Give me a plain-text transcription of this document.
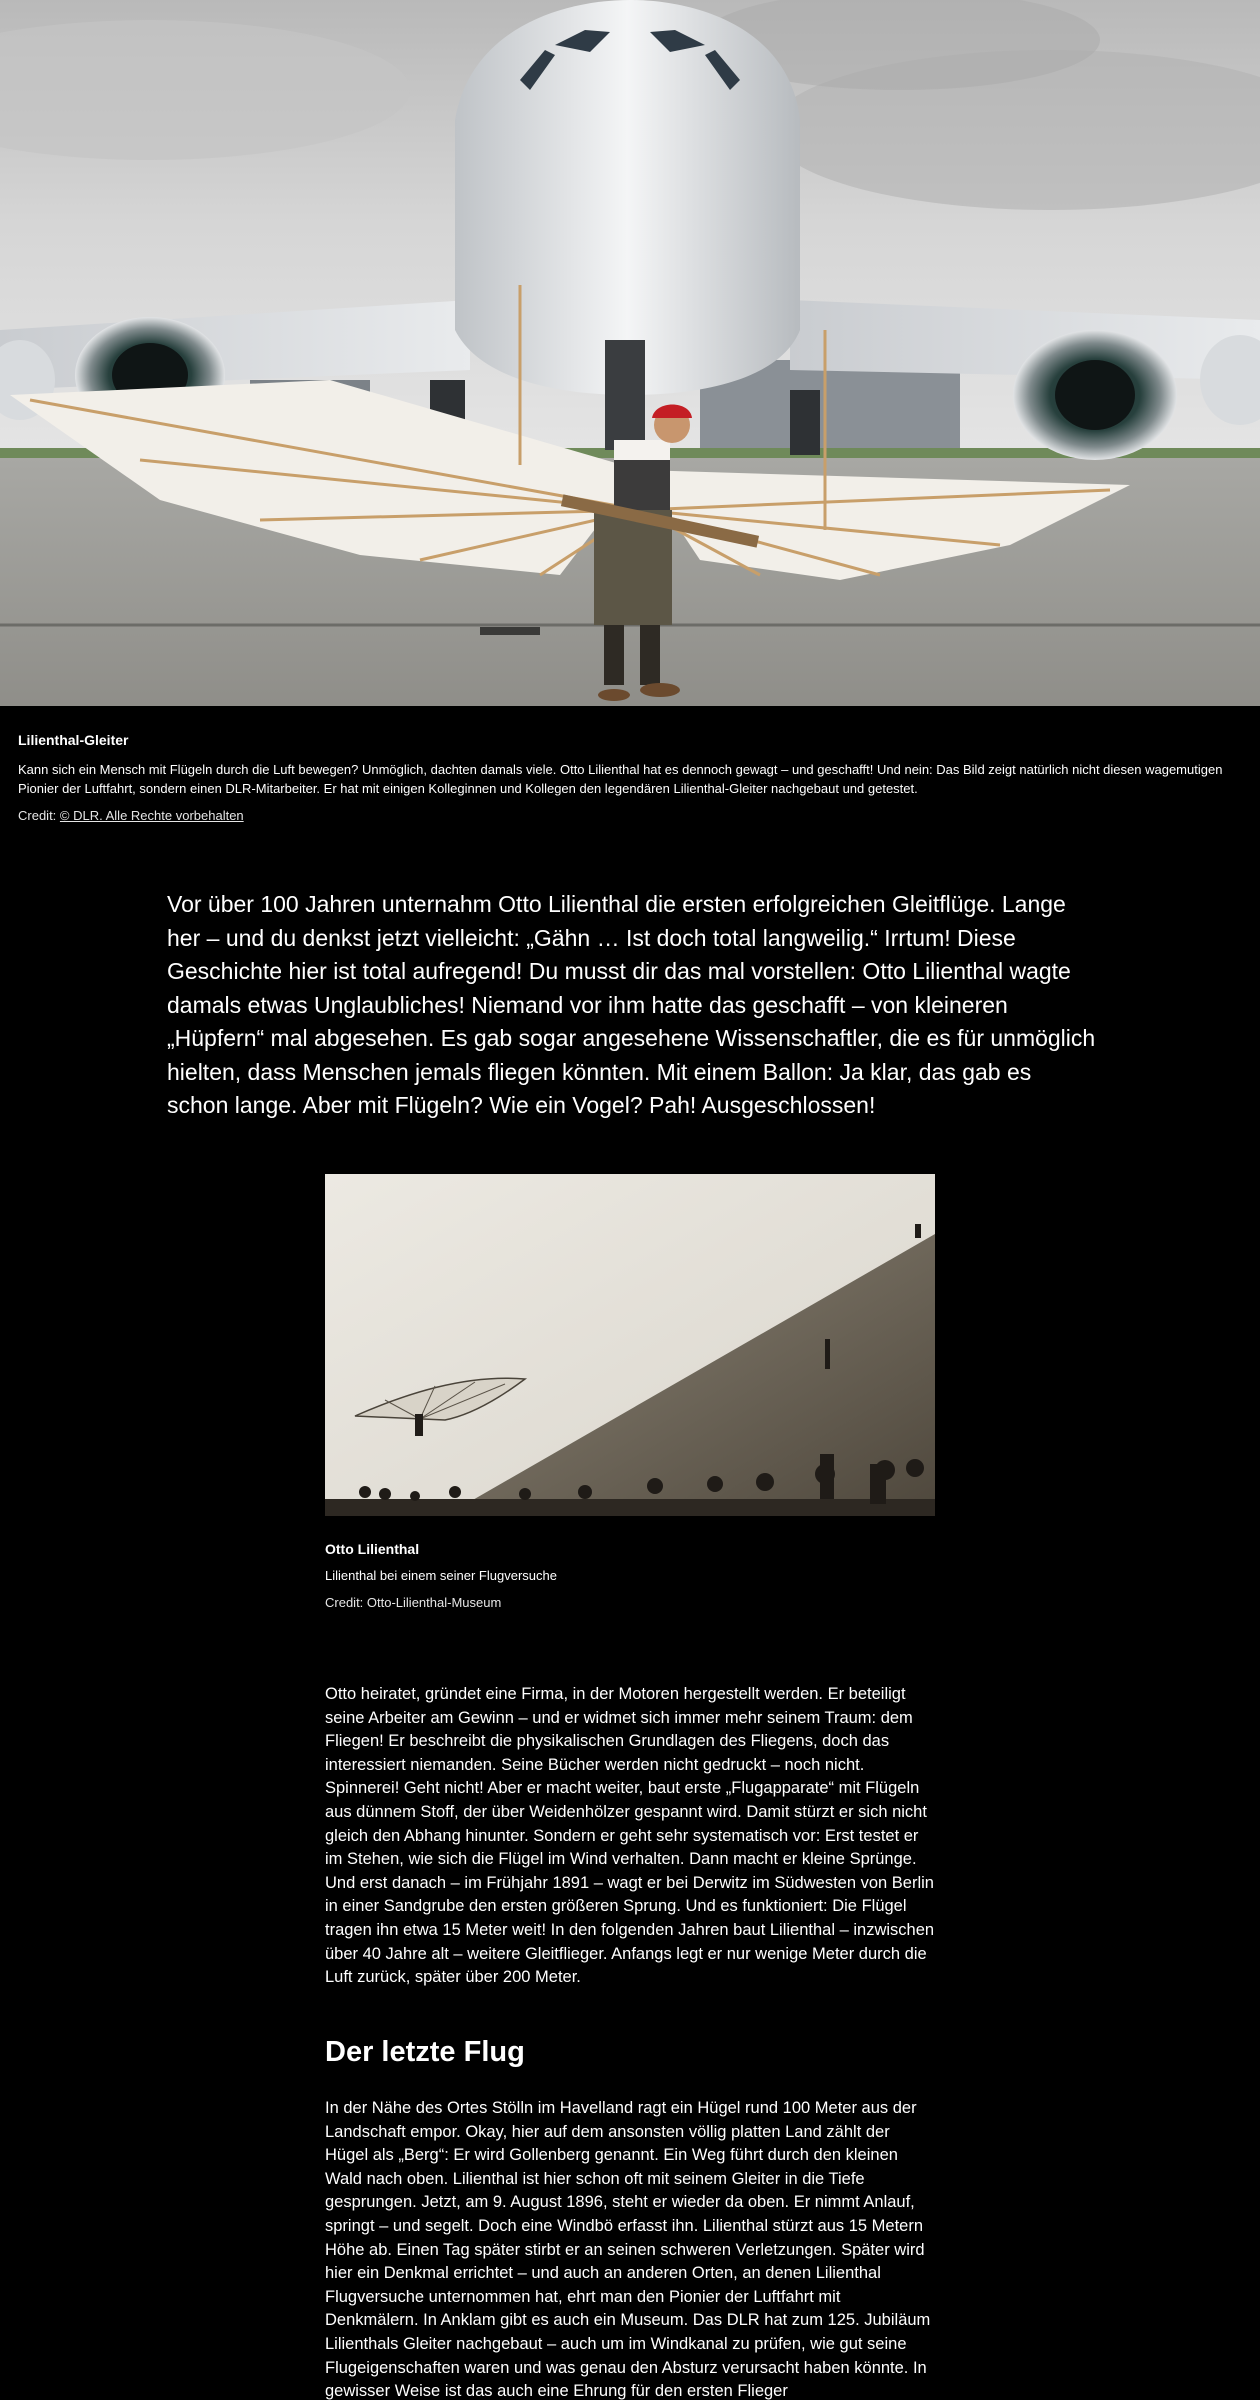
Lilienthal-Gleiter
Kann sich ein Mensch mit Flügeln durch die Luft bewegen? Unmöglich, dachten damals viele. Otto Lilienthal hat es dennoch gewagt – und geschafft! Und nein: Das Bild zeigt natürlich nicht diesen wagemutigen Pionier der Luftfahrt, sondern einen DLR-Mitarbeiter. Er hat mit einigen Kolleginnen und Kollegen den legendären Lilienthal-Gleiter nachgebaut und getestet.
Credit: © DLR. Alle Rechte vorbehalten

Vor über 100 Jahren unternahm Otto Lilienthal die ersten erfolgreichen Gleitflüge. Lange her – und du denkst jetzt vielleicht: „Gähn … Ist doch total langweilig.“ Irrtum! Diese Geschichte hier ist total aufregend! Du musst dir das mal vorstellen: Otto Lilienthal wagte damals etwas Unglaubliches! Niemand vor ihm hatte das geschafft – von kleineren „Hüpfern“ mal abgesehen. Es gab sogar angesehene Wissenschaftler, die es für unmöglich hielten, dass Menschen jemals fliegen könnten. Mit einem Ballon: Ja klar, das gab es schon lange. Aber mit Flügeln? Wie ein Vogel? Pah! Ausgeschlossen!

Otto Lilienthal
Lilienthal bei einem seiner Flugversuche
Credit: Otto-Lilienthal-Museum

Otto heiratet, gründet eine Firma, in der Motoren hergestellt werden. Er beteiligt seine Arbeiter am Gewinn – und er widmet sich immer mehr seinem Traum: dem Fliegen! Er beschreibt die physikalischen Grundlagen des Fliegens, doch das interessiert niemanden. Seine Bücher werden nicht gedruckt – noch nicht. Spinnerei! Geht nicht! Aber er macht weiter, baut erste „Flugapparate“ mit Flügeln aus dünnem Stoff, der über Weidenhölzer gespannt wird. Damit stürzt er sich nicht gleich den Abhang hinunter. Sondern er geht sehr systematisch vor: Erst testet er im Stehen, wie sich die Flügel im Wind verhalten. Dann macht er kleine Sprünge. Und erst danach – im Frühjahr 1891 – wagt er bei Derwitz im Südwesten von Berlin in einer Sandgrube den ersten größeren Sprung. Und es funktioniert: Die Flügel tragen ihn etwa 15 Meter weit! In den folgenden Jahren baut Lilienthal – inzwischen über 40 Jahre alt – weitere Gleitflieger. Anfangs legt er nur wenige Meter durch die Luft zurück, später über 200 Meter.

Der letzte Flug

In der Nähe des Ortes Stölln im Havelland ragt ein Hügel rund 100 Meter aus der Landschaft empor. Okay, hier auf dem ansonsten völlig platten Land zählt der Hügel als „Berg“: Er wird Gollenberg genannt. Ein Weg führt durch den kleinen Wald nach oben. Lilienthal ist hier schon oft mit seinem Gleiter in die Tiefe gesprungen. Jetzt, am 9. August 1896, steht er wieder da oben. Er nimmt Anlauf, springt – und segelt. Doch eine Windbö erfasst ihn. Lilienthal stürzt aus 15 Metern Höhe ab. Einen Tag später stirbt er an seinen schweren Verletzungen. Später wird hier ein Denkmal errichtet – und auch an anderen Orten, an denen Lilienthal Flugversuche unternommen hat, ehrt man den Pionier der Luftfahrt mit Denkmälern. In Anklam gibt es auch ein Museum. Das DLR hat zum 125. Jubiläum Lilienthals Gleiter nachgebaut – auch um im Windkanal zu prüfen, wie gut seine Flugeigenschaften waren und was genau den Absturz verursacht haben könnte. In gewisser Weise ist das auch eine Ehrung für den ersten Flieger
